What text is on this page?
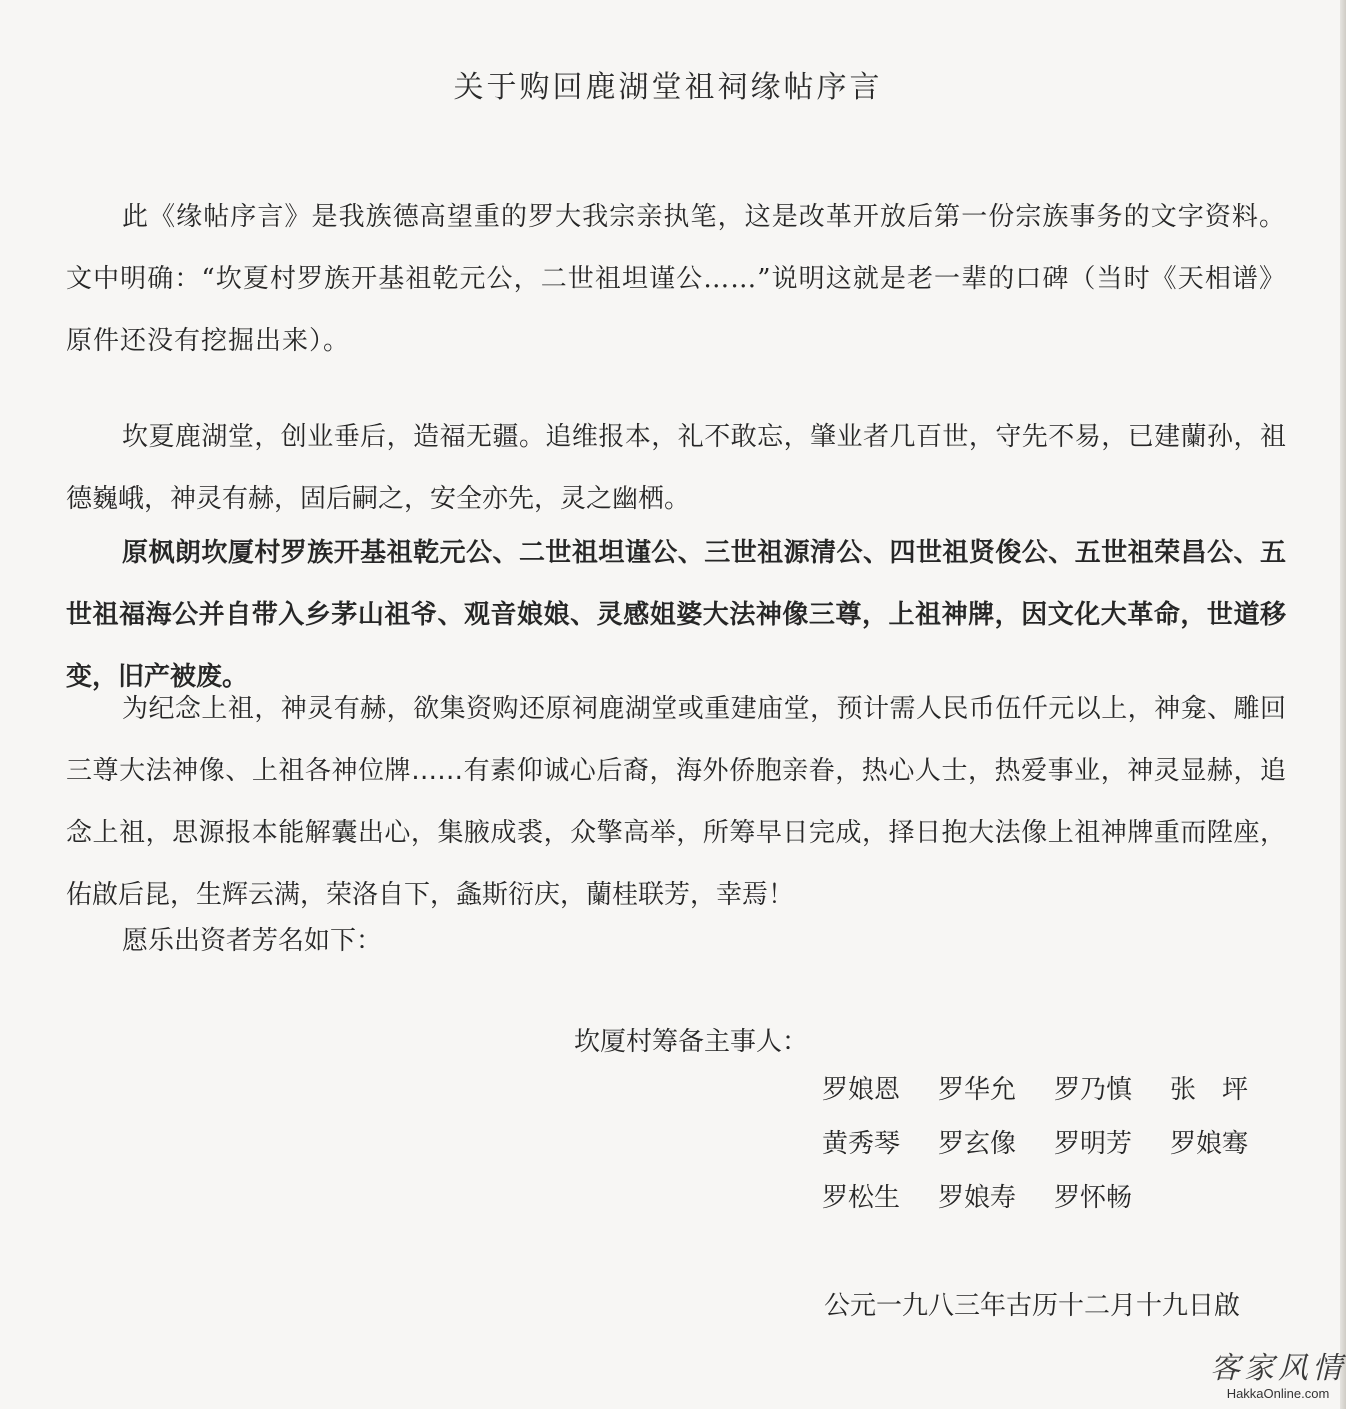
关于购回鹿湖堂祖祠缘帖序言

此《缘帖序言》是我族德高望重的罗大我宗亲执笔，这是改革开放后第一份宗族事务的文字资料。文中明确：“坎夏村罗族开基祖乾元公，二世祖坦谨公……”说明这就是老一辈的口碑（当时《天相谱》原件还没有挖掘出来）。

坎夏鹿湖堂，创业垂后，造福无疆。追维报本，礼不敢忘，肇业者几百世，守先不易，已建蘭孙，祖德巍峨，神灵有赫，固后嗣之，安全亦先，灵之幽栖。

原枫朗坎厦村罗族开基祖乾元公、二世祖坦谨公、三世祖源清公、四世祖贤俊公、五世祖荣昌公、五世祖福海公并自带入乡茅山祖爷、观音娘娘、灵感姐婆大法神像三尊，上祖神牌，因文化大革命，世道移变，旧产被废。

为纪念上祖，神灵有赫，欲集资购还原祠鹿湖堂或重建庙堂，预计需人民币伍仟元以上，神龛、雕回三尊大法神像、上祖各神位牌……有素仰诚心后裔，海外侨胞亲眷，热心人士，热爱事业，神灵显赫，追念上祖，思源报本能解囊出心，集腋成裘，众擎高举，所筹早日完成，择日抱大法像上祖神牌重而陞座，佑啟后昆，生辉云满，荣洛自下，螽斯衍庆，蘭桂联芳，幸焉！

愿乐出资者芳名如下：

坎厦村筹备主事人：
罗娘恩	罗华允	罗乃慎	张　坪
黄秀琴	罗玄像	罗明芳	罗娘骞
罗松生	罗娘寿	罗怀畅
公元一九八三年古历十二月十九日啟
客家风情
HakkaOnline.com
